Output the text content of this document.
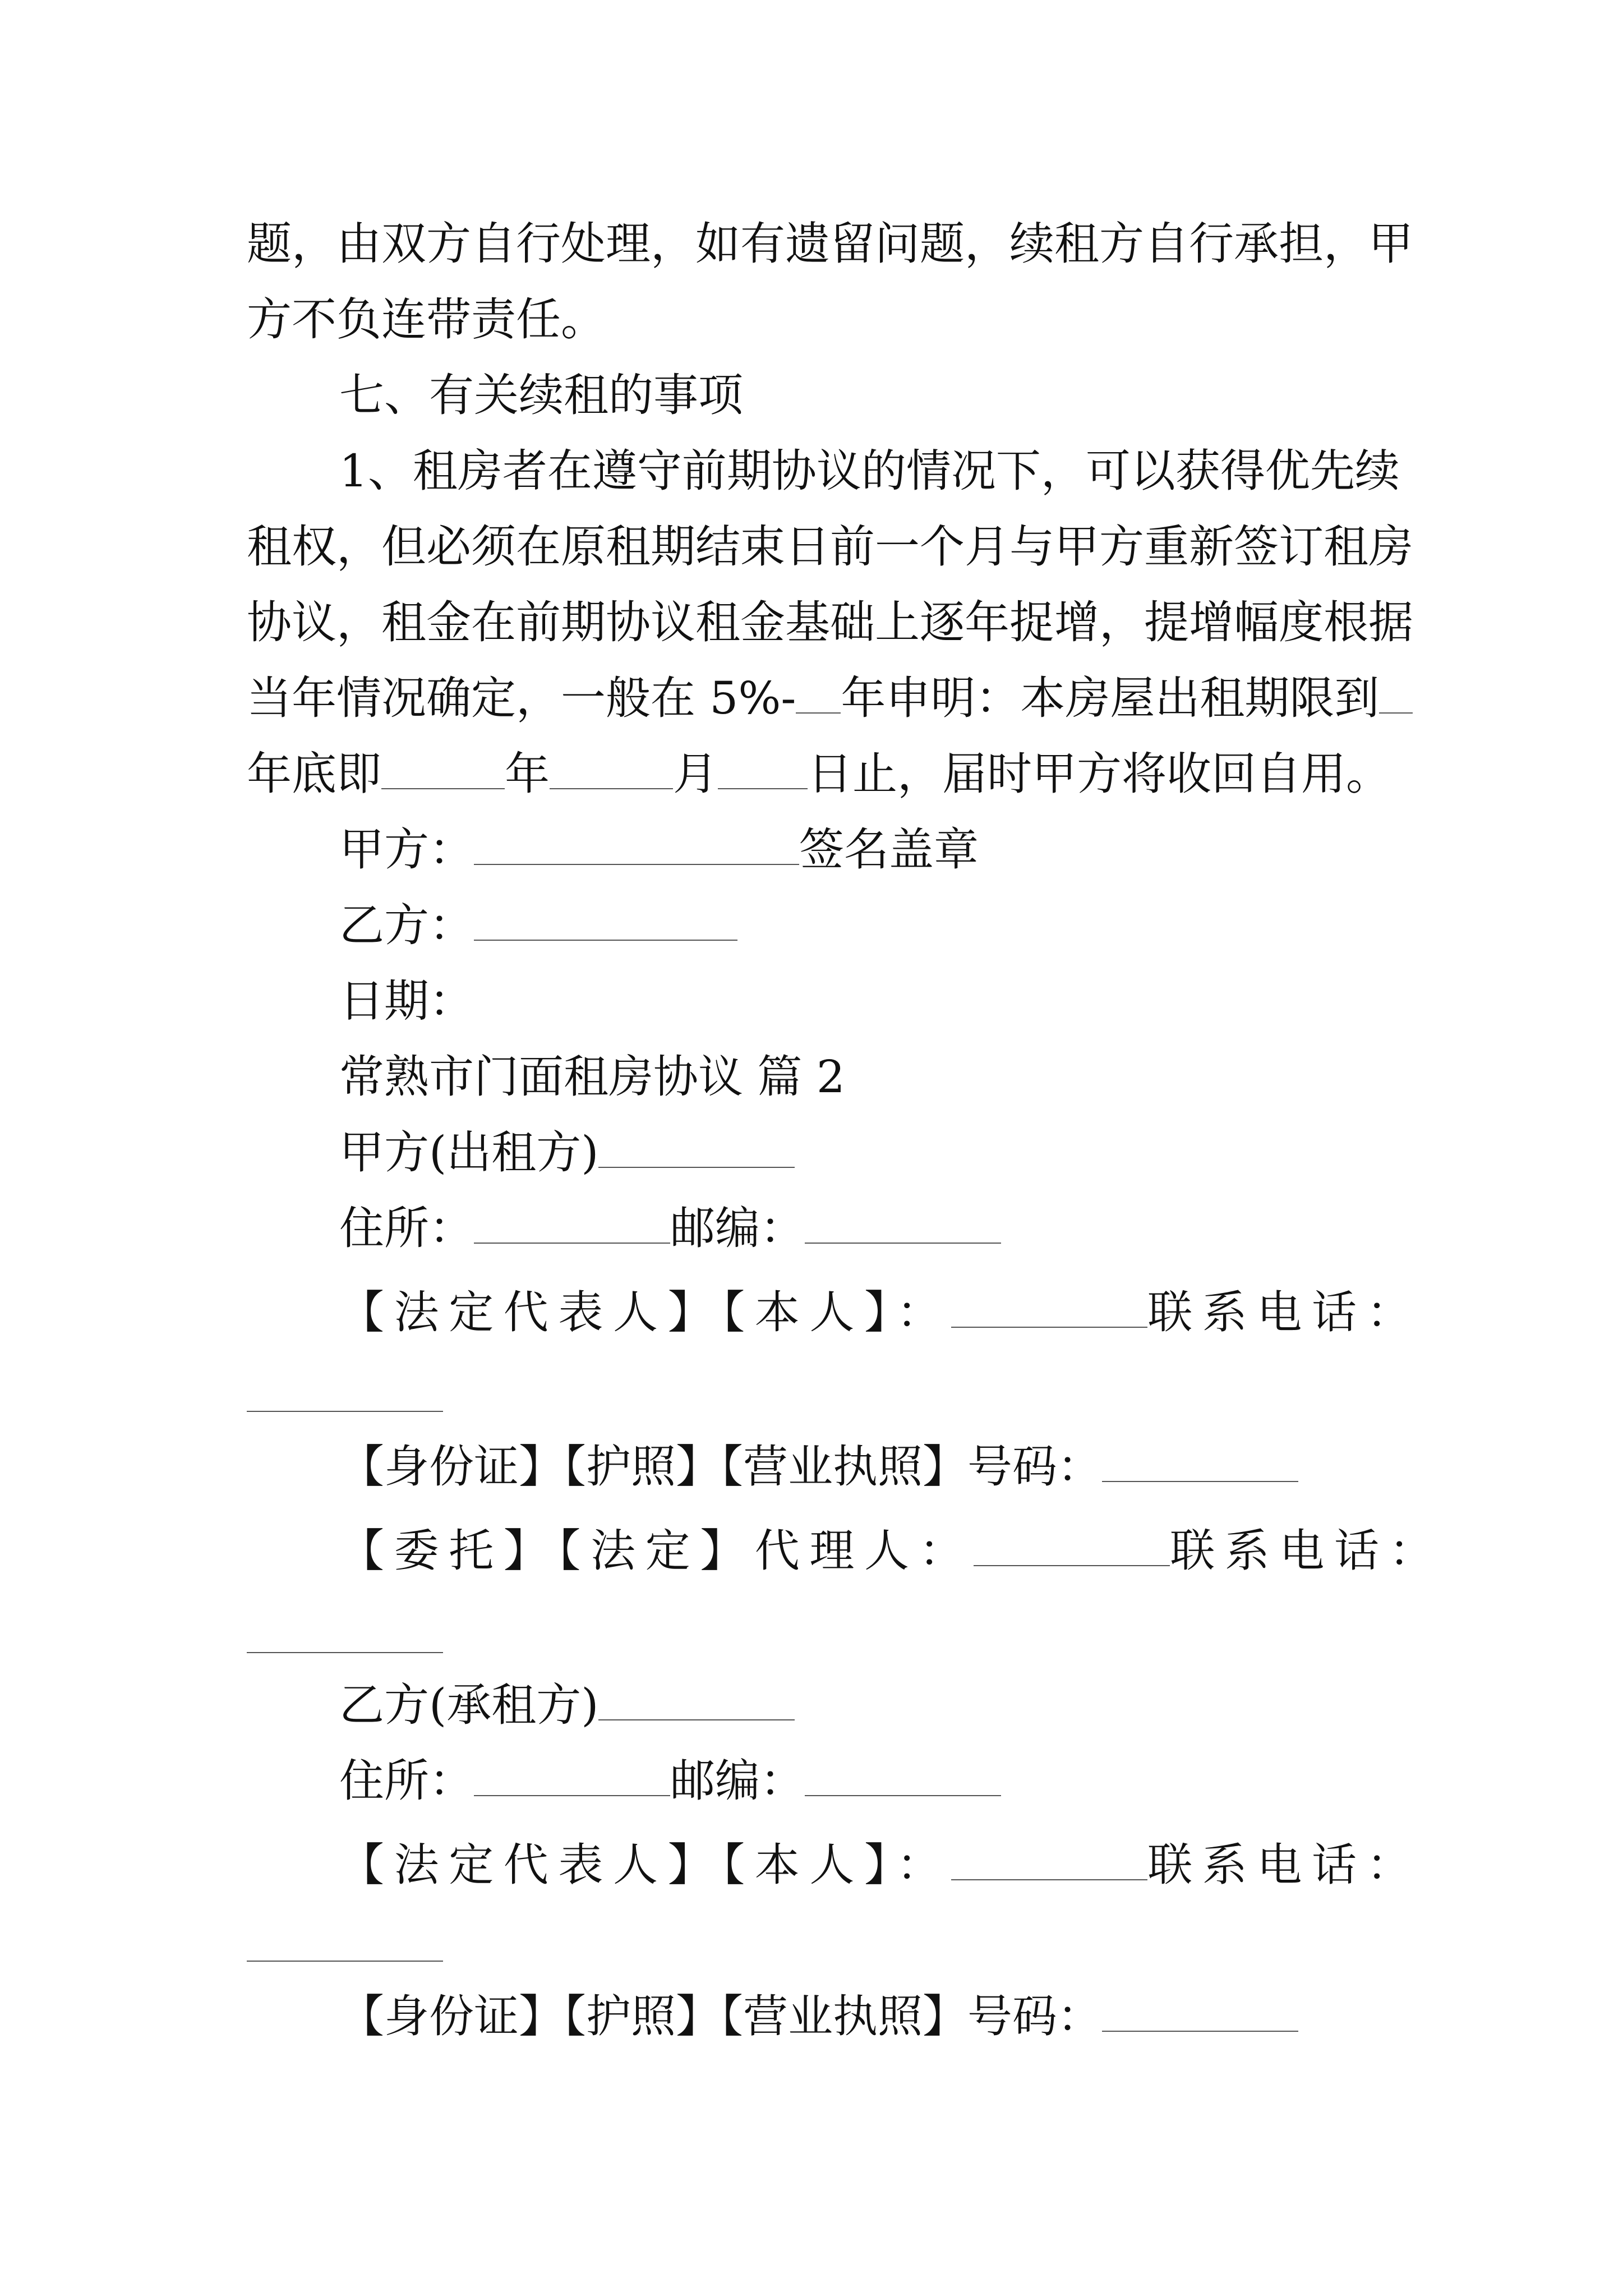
题，由双方自行处理，如有遗留问题，续租方自行承担，甲
方不负连带责任。
七、有关续租的事项
1、租房者在遵守前期协议的情况下，可以获得优先续
租权，但必须在原租期结束日前一个月与甲方重新签订租房
协议，租金在前期协议租金基础上逐年捉增，提增幅度根据
当年情况确定，一般在 5%- 年申明：本房屋出租期限到
年底即	年	月 日止，届时甲方将收回自用。
甲方：	签名盖章
乙方：
日期：
常熟市门面租房协议 篇 2
甲方(出租方)
住所：	邮编：
【法定代表人】【本人】：	联系电话：
【身份证】【护照】【营业执照】号码：
【委托】【法定】代理人：	联系电话：
乙方(承租方)
住所：	邮编：
【法定代表人】【本人】：	联系电话：
【身份证】【护照】【营业执照】号码：
